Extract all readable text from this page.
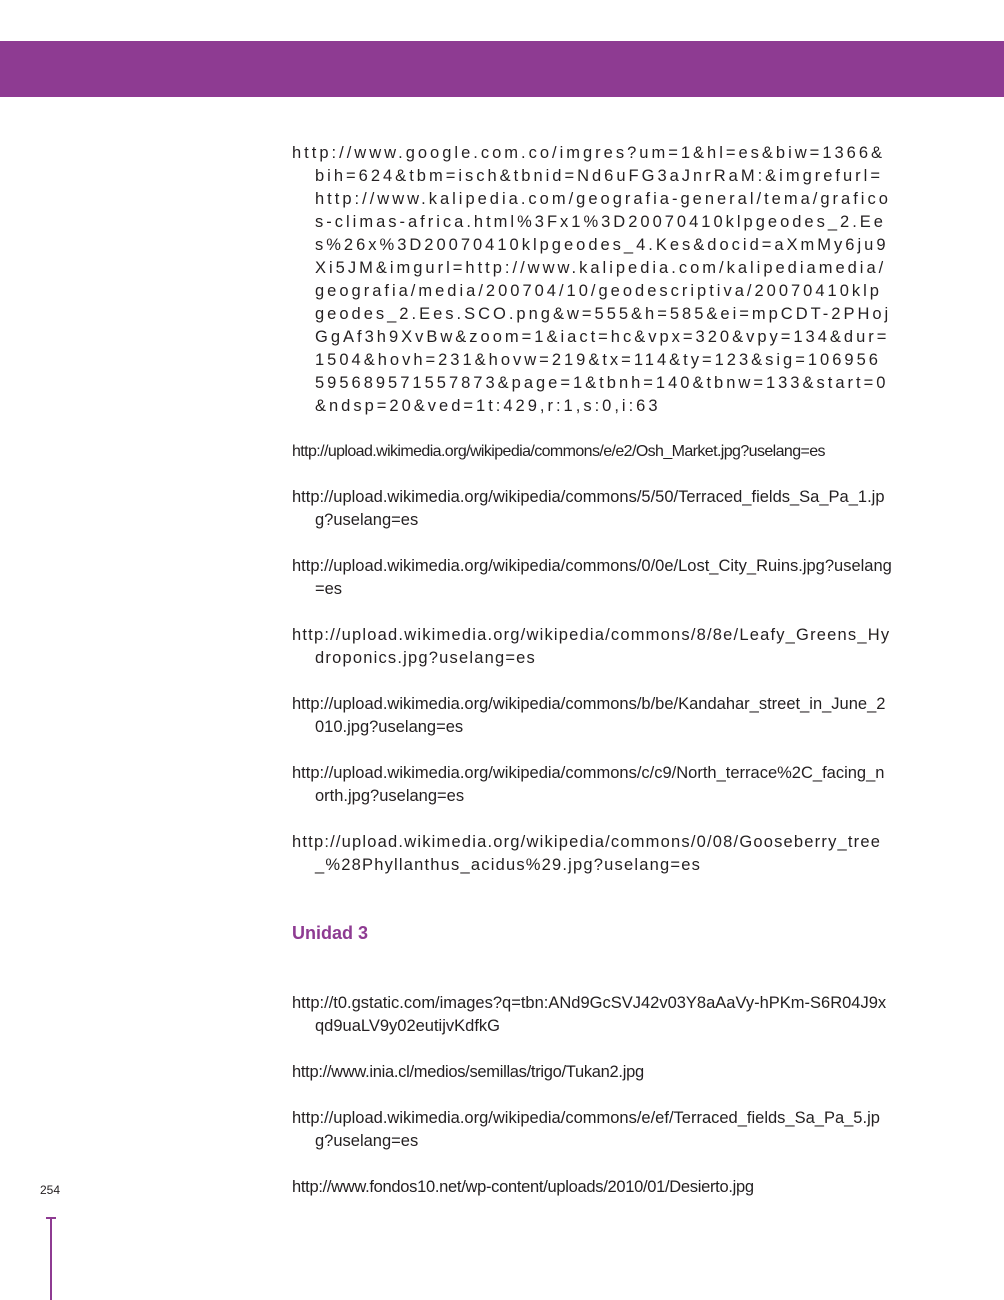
http://www.google.com.co/imgres?um=1&hl=es&biw=1366&bih=624&tbm=isch&tbnid=Nd6uFG3aJnrRaM:&imgrefurl=http://www.kalipedia.com/geografia-general/tema/graficos-climas-africa.html%3Fx1%3D20070410klpgeodes_2.Ees%26x%3D20070410klpgeodes_4.Kes&docid=aXmMy6ju9Xi5JM&imgurl=http://www.kalipedia.com/kalipediamedia/geografia/media/200704/10/geodescriptiva/20070410klpgeodes_2.Ees.SCO.png&w=555&h=585&ei=mpCDT-2PHojGgAf3h9XvBw&zoom=1&iact=hc&vpx=320&vpy=134&dur=1504&hovh=231&hovw=219&tx=114&ty=123&sig=106956595689571557873&page=1&tbnh=140&tbnw=133&start=0&ndsp=20&ved=1t:429,r:1,s:0,i:63

http://upload.wikimedia.org/wikipedia/commons/e/e2/Osh_Market.jpg?uselang=es

http://upload.wikimedia.org/wikipedia/commons/5/50/Terraced_fields_Sa_Pa_1.jpg?uselang=es

http://upload.wikimedia.org/wikipedia/commons/0/0e/Lost_City_Ruins.jpg?uselang=es

http://upload.wikimedia.org/wikipedia/commons/8/8e/Leafy_Greens_Hydroponics.jpg?uselang=es

http://upload.wikimedia.org/wikipedia/commons/b/be/Kandahar_street_in_June_2010.jpg?uselang=es

http://upload.wikimedia.org/wikipedia/commons/c/c9/North_terrace%2C_facing_north.jpg?uselang=es

http://upload.wikimedia.org/wikipedia/commons/0/08/Gooseberry_tree_%28Phyllanthus_acidus%29.jpg?uselang=es

Unidad 3

http://t0.gstatic.com/images?q=tbn:ANd9GcSVJ42v03Y8aAaVy-hPKm-S6R04J9xqd9uaLV9y02eutijvKdfkG

http://www.inia.cl/medios/semillas/trigo/Tukan2.jpg

http://upload.wikimedia.org/wikipedia/commons/e/ef/Terraced_fields_Sa_Pa_5.jpg?uselang=es

http://www.fondos10.net/wp-content/uploads/2010/01/Desierto.jpg

254
